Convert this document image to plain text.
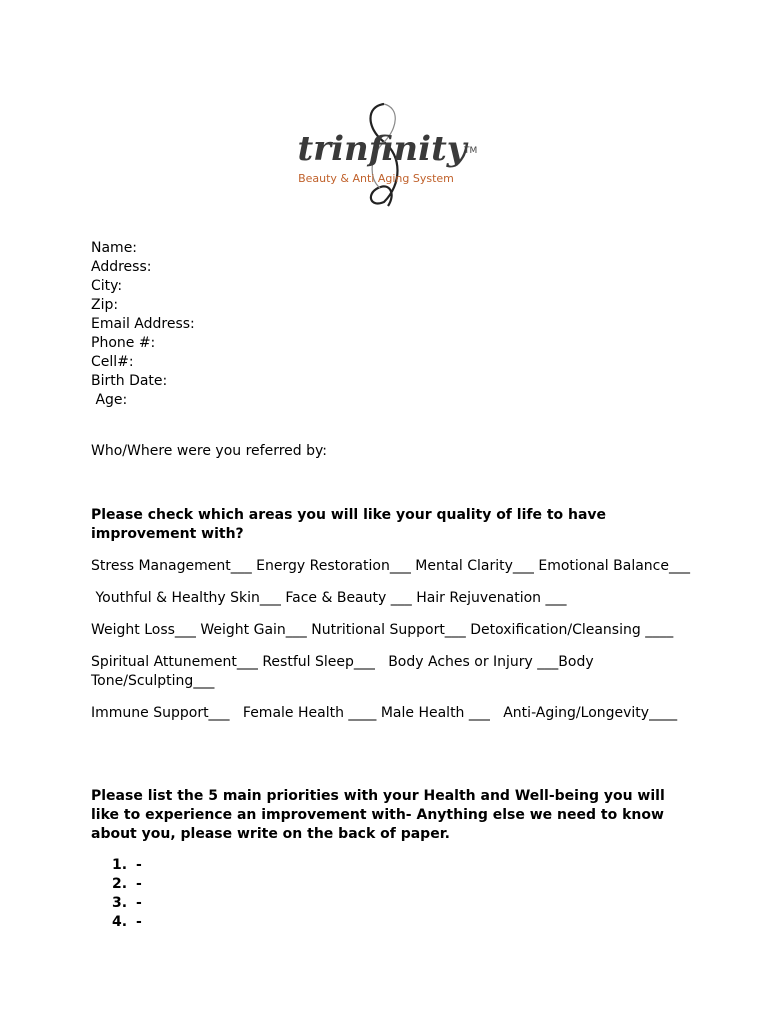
trinfinity
TM
Beauty & Anti Aging System
Name:
Address:
City:
Zip:
Email Address:
Phone #:
Cell#:
Birth Date:
Age:
Who/Where were you referred by:
Please check which areas you will like your quality of life to have improvement with?
Stress Management___ Energy Restoration___ Mental Clarity___ Emotional Balance___
Youthful & Healthy Skin___ Face & Beauty ___ Hair Rejuvenation ___
Weight Loss___ Weight Gain___ Nutritional Support___ Detoxification/Cleansing ____
Spiritual Attunement___ Restful Sleep___   Body Aches or Injury ___Body Tone/Sculpting___
Immune Support___   Female Health ____ Male Health ___   Anti-Aging/Longevity____
Please list the 5 main priorities with your Health and Well-being you will like to experience an improvement with- Anything else we need to know about you, please write on the back of paper.
1. -
2. -
3. -
4. -
